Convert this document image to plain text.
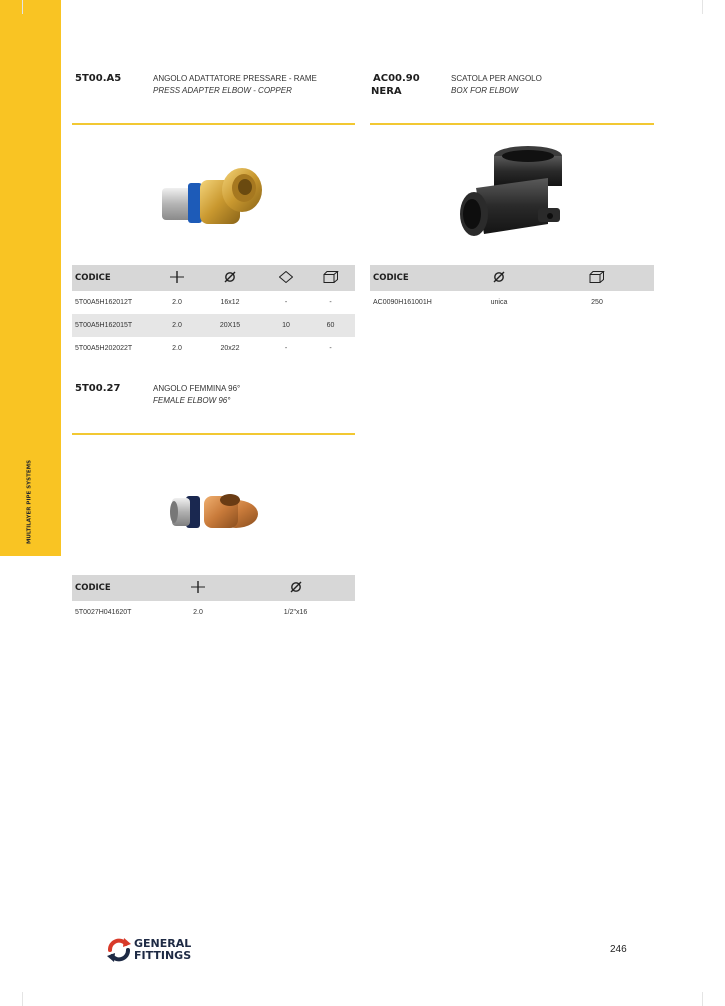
MULTILAYER PIPE SYSTEMS
5T00.A5	ANGOLO ADATTATORE PRESSARE - RAME
PRESS ADAPTER ELBOW - COPPER
CODICE				
5T00A5H162012T	2.0	16x12	-	-
5T00A5H162015T	2.0	20X15	10	60
5T00A5H202022T	2.0	20x22	-	-
AC00.90
NERA
SCATOLA PER ANGOLO
BOX FOR ELBOW
CODICE		
AC0090H161001H	unica	250
5T00.27	ANGOLO FEMMINA 96°
FEMALE ELBOW 96°
CODICE		
5T0027H041620T	2.0	1/2"x16
GENERAL
FITTINGS	246
